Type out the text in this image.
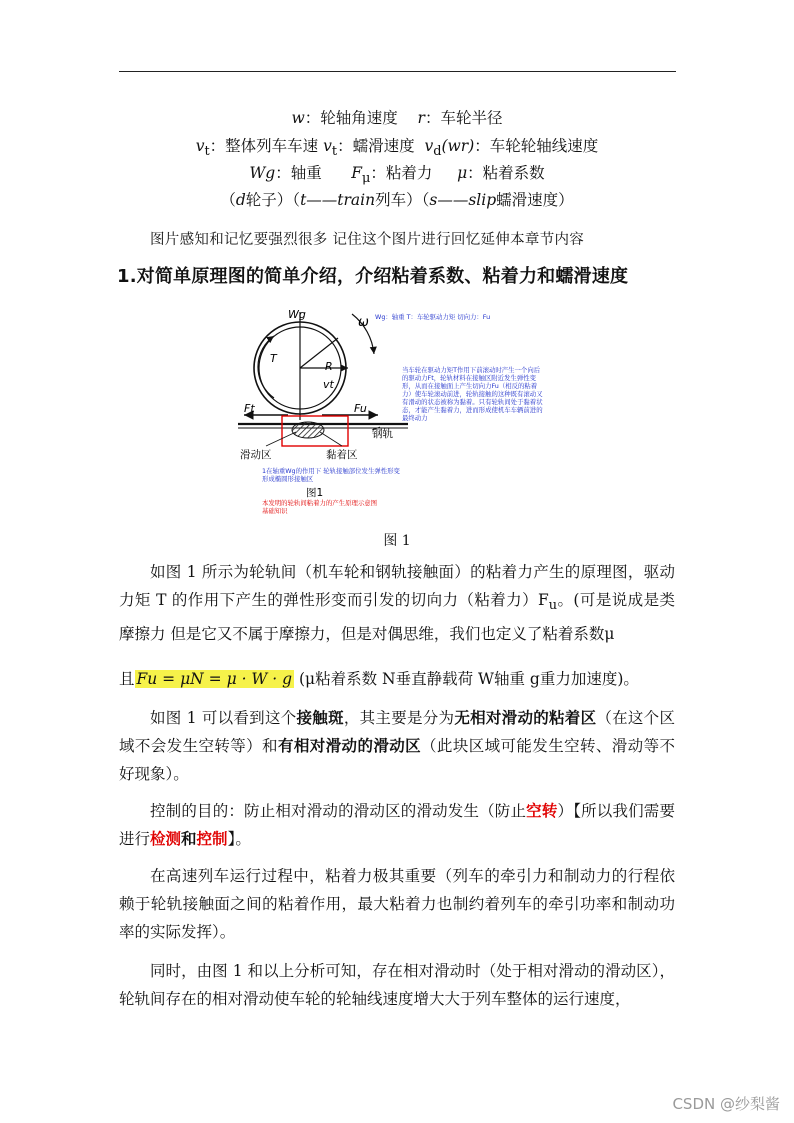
w：轮轴角速度 r：车轮半径
$v_t$：整体列车车速 $v_t$：蠕滑速度 $v_d(wr)$：车轮轮轴线速度
Wg：轴重 $F_\mu$：粘着力 μ：粘着系数
（d轮子）（t——train列车）（s——slip蠕滑速度）
图片感知和记忆要强烈很多 记住这个图片进行回忆延伸本章节内容
1.对简单原理图的简单介绍，介绍粘着系数、粘着力和蠕滑速度
Wg
ω
T
R
vt
Ft	Fu
钢轨
滑动区	黏着区
图1
Wg：轴重 T：车轮驱动力矩 切向力：Fu
当车轮在驱动力矩T作用下前滚动时产生一个向后
的驱动力Ft，轮轨材料在接触区附近发生弹性变
形，从而在接触面上产生切向力Fu（相反的粘着
力）使车轮滚动前进，轮轨接触的这种既有滚动又
有滑动的状态被称为黏着。只有轮轨间处于黏着状
态，才能产生黏着力，进而形成使机车车辆前进的
最终动力
1在轴重Wg的作用下 轮轨接触部位发生弹性形变
形成椭圆形接触区
本发明的轮轨间粘着力的产生原理示意图
基础知识
图 1

如图 1 所示为轮轨间（机车轮和钢轨接触面）的粘着力产生的原理图，驱动力矩 T 的作用下产生的弹性形变而引发的切向力（粘着力）$F_u$。(可是说成是类摩擦力 但是它又不属于摩擦力，但是对偶思维，我们也定义了粘着系数μ

且 Fu = μN = μ · W · g (μ粘着系数 N垂直静载荷 W轴重 g重力加速度)。

如图 1 可以看到这个接触斑，其主要是分为无相对滑动的粘着区（在这个区域不会发生空转等）和有相对滑动的滑动区（此块区域可能发生空转、滑动等不好现象）。

控制的目的：防止相对滑动的滑动区的滑动发生（防止空转）【所以我们需要进行检测和控制】。

在高速列车运行过程中，粘着力极其重要（列车的牵引力和制动力的行程依赖于轮轨接触面之间的粘着作用，最大粘着力也制约着列车的牵引功率和制动功率的实际发挥）。

同时，由图 1 和以上分析可知，存在相对滑动时（处于相对滑动的滑动区），轮轨间存在的相对滑动使车轮的轮轴线速度增大大于列车整体的运行速度，

CSDN @纱梨酱
